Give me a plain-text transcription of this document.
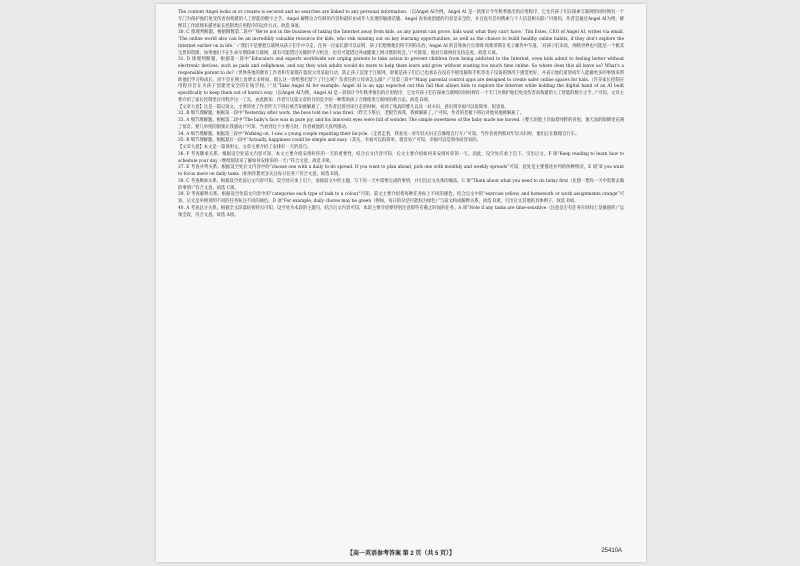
The content Angel looks at or creates is secured and no searches are linked to any personal information.（以Angel AI为例。Angel AI 是一款预计今年秋季推出的应用程序，它允许孩子们在探索互联网的同时拥有一个专门为保护他们免受伤害而构建的人工智能的数字之手。Angel 解释这合年龄的内容和最好由成年人处理的敏感话题。Angel 查看或创建的内容是安全的，并且没有任何搜索与个人信息相关联）”可推知，作者是通过Angel AI为例，解释其工作原理来描述家长控制类应用程序的运作方式。故选 B项。

30. C 推理判断题。根据倒数第二段中“‘We're not in the business of taking the Internet away from kids, as any parent can prove, kids want what they can't have.’ Tim Estes, CEO of Angel AI, writes via email. ‘The online world also can be an incredibly valuable resource for kids, who risk missing out on key learning opportunities, as well as the chance to build healthy online habits, if they don't explore the Internet earlier on in life.’（‘我们不是要把互联网从孩子们手中夺走，任何一位家长都可以证明，孩子们想要他们得不到的东西。’Angel AI 的首席执行官蒂姆·埃斯蒂斯在电子邮件中写道。‘对孩子们来说，网络世界也可能是一个极其宝贵的资源，如果他们不在生命早期探索互联网，就有可能错过关键的学习机会，也有可能错过养成健康上网习惯的机会。’）”可推知，他对互联网持支持态度。故选 C项。

31. D 推理判断题。根据第一段中“Educators and experts worldwide are urging parents to take action to prevent children from being addicted to the Internet, even kids admit to feeling better without electronic devices, such as pads and cellphones, and say they wish adults would do more to help them learn and grow without wasting too much time online. So where does this all leave us? What's a responsible parent to do?（世界各地的教育工作者和专家都在敦促父母采取行动，防止孩子沉迷于互联网，即使是孩子们自己也承认在没有平板电脑和手机等电子设备的情况下感觉更好，并表示他们希望成年人能做更多的事情来帮助他们学习和成长，而不会在网上浪费太多时间。那么这一切给我们留下了什么呢？负责任的父母该怎么做？）”及第三段中“Many parental control apps are designed to create safer online spaces for kids.（许多家长控制应用程序旨在为孩子创建更安全的在线空间。）”及“Take Angel AI for example. Angel AI is an app expected out this fall that allows kids to explore the Internet while holding the digital hand of an AI built specifically to keep them out of harm's way.（以Angel AI为例。Angel AI 是一款预计今年秋季推出的应用程序，它允许孩子们在探索互联网的同时拥有一个专门为保护他们免受伤害而构建的人工智能的数字之手。）”可知，文章主要介绍了家长控制类应用程序这一工具，由此推知，作者写这篇文章的目的是介绍一种帮助孩子合理使用互联网的新方法。故选 D项。

【文章大意】这是一篇记叙文。主要讲述了作者昨天下班后被告知被解雇了，当作者沿着河床行走的时候，看到了残真的婴儿以及一对夫妇，意识到幸福可以很简单、很容易。

32. B 细节理解题。根据第一段中“Yesterday after work, the boss told me I was fired.（昨天下班后，老板告诉我，我被解雇了。）”可知，作者的老板下班后对他说他被解雇了。

33. A 细节理解题。根据第二段中“The baby's face was in pure joy, and his innocent eyes were full of wonder. The simple sweetness of the baby made me moved.（婴儿的脸上洋溢着纯粹的喜悦，他天真的眼睛里充满了惊奇。婴儿单纯的甜蜜让我感动）”可知，当看到这个小婴儿时，作者被他的天真所感动。

34. A 细节理解题。根据第三段中“Walking on, I saw a young couple repairing their bicycle.（走着走着，我看见一对年轻夫妇正在修理自行车）”可知，当作者看到那对年轻夫妇时，他们正在修理自行车。

35. B 细节理解题。根据最后一段中“Actually, happiness could be simple and easy.（其实，幸福可以很简单，很容易）”可知，幸福可以是简单而容易的。

【文章大意】本文是一篇说明文。文章主要介绍了安排好一天的技巧。

36. F 考查顺承关系。根据设空处前文内容可知，本文主要介绍安排好你的一天的重要性，结合后文内容可知，后文主要介绍如何来安排好你的一天。因此，设空处应承上启下，引出后文。F 项“Keep reading to learn how to schedule your day（继续阅读来了解如何安排你的一天）”符合文意。故选 F项。

37. E 考查并列关系。根据设空处后文内容中的“choose one with a daily to-do spread. If you want to plan ahead, pick one with monthly and weekly spreads”可知，此处是主要描述并列的两种情况，E 项“If you want to focus more on daily tasks（如果你想更多关注每日任务）”符合文意。故选 E项。

38. C 考查顺承关系。根据设空处前后文内容可知，设空处应承上启下，承接前文中的主题，写下你一天中需要完成的事情，并引出后文具体的做法。C 项“Think about what you need to do today first（先想一想你一天中需要去做的事情）”符合文意。故选 C项。

39. D 考查解释关系。根据设空处前文内容中的“categorise each type of task to a colour”可知，前文主要介绍将每种任务标上不同的颜色。结合后文中的“exercise yellow, and homework or work assignments orange”可知，后文是举例说明不同的任务标注不同的颜色。D 项“For example, daily chores may be green（例如，每日的杂活可能标为绿色）”与前文构成解释关系。故选 D项，引出后文其他的具体例子。故选 D项。

40. A 考查总分关系。根据全文段落结构特点可知，设空处为本段的主题句，结合后文内容可知，本段主要介绍要特别注意那些有截止时间的任务。A 项“Note if any tasks are time-sensitive（注意是否有任务在时间上是敏感的）”总领全段，符合文意。故选 A项。

【高一英语参考答案 第 2 页（共 5 页）】	25410A
